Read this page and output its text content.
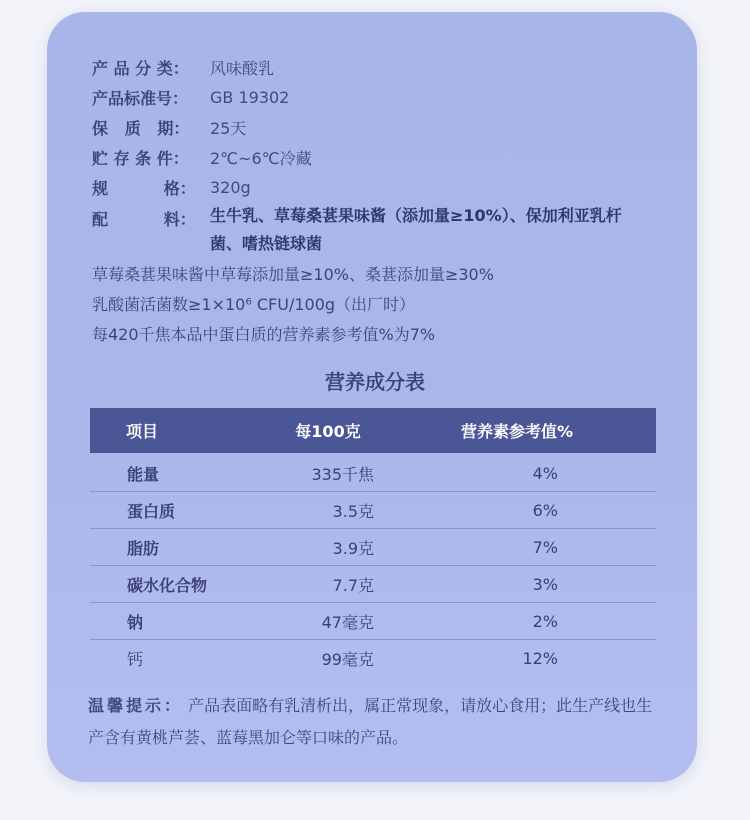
产 品 分 类：	风味酸乳
产品标准号：	GB 19302
保   质   期：	25天
贮 存 条 件：	2℃~6℃冷藏
规          格： 320g
配          料： 生牛乳、草莓桑葚果味酱（添加量≥10%）、保加利亚乳杆菌、嗜热链球菌
草莓桑葚果味酱中草莓添加量≥10%、桑葚添加量≥30%
乳酸菌活菌数≥1×10⁶ CFU/100g（出厂时）
每420千焦本品中蛋白质的营养素参考值%为7%
营养成分表
项目	每100克	营养素参考值%
能量	335千焦	4%
蛋白质	3.5克	6%
脂肪	3.9克	7%
碳水化合物	7.7克	3%
钠	47毫克	2%
钙	99毫克	12%
温馨提示： 产品表面略有乳清析出，属正常现象，请放心食用；此生产线也生产含有黄桃芦荟、蓝莓黑加仑等口味的产品。
